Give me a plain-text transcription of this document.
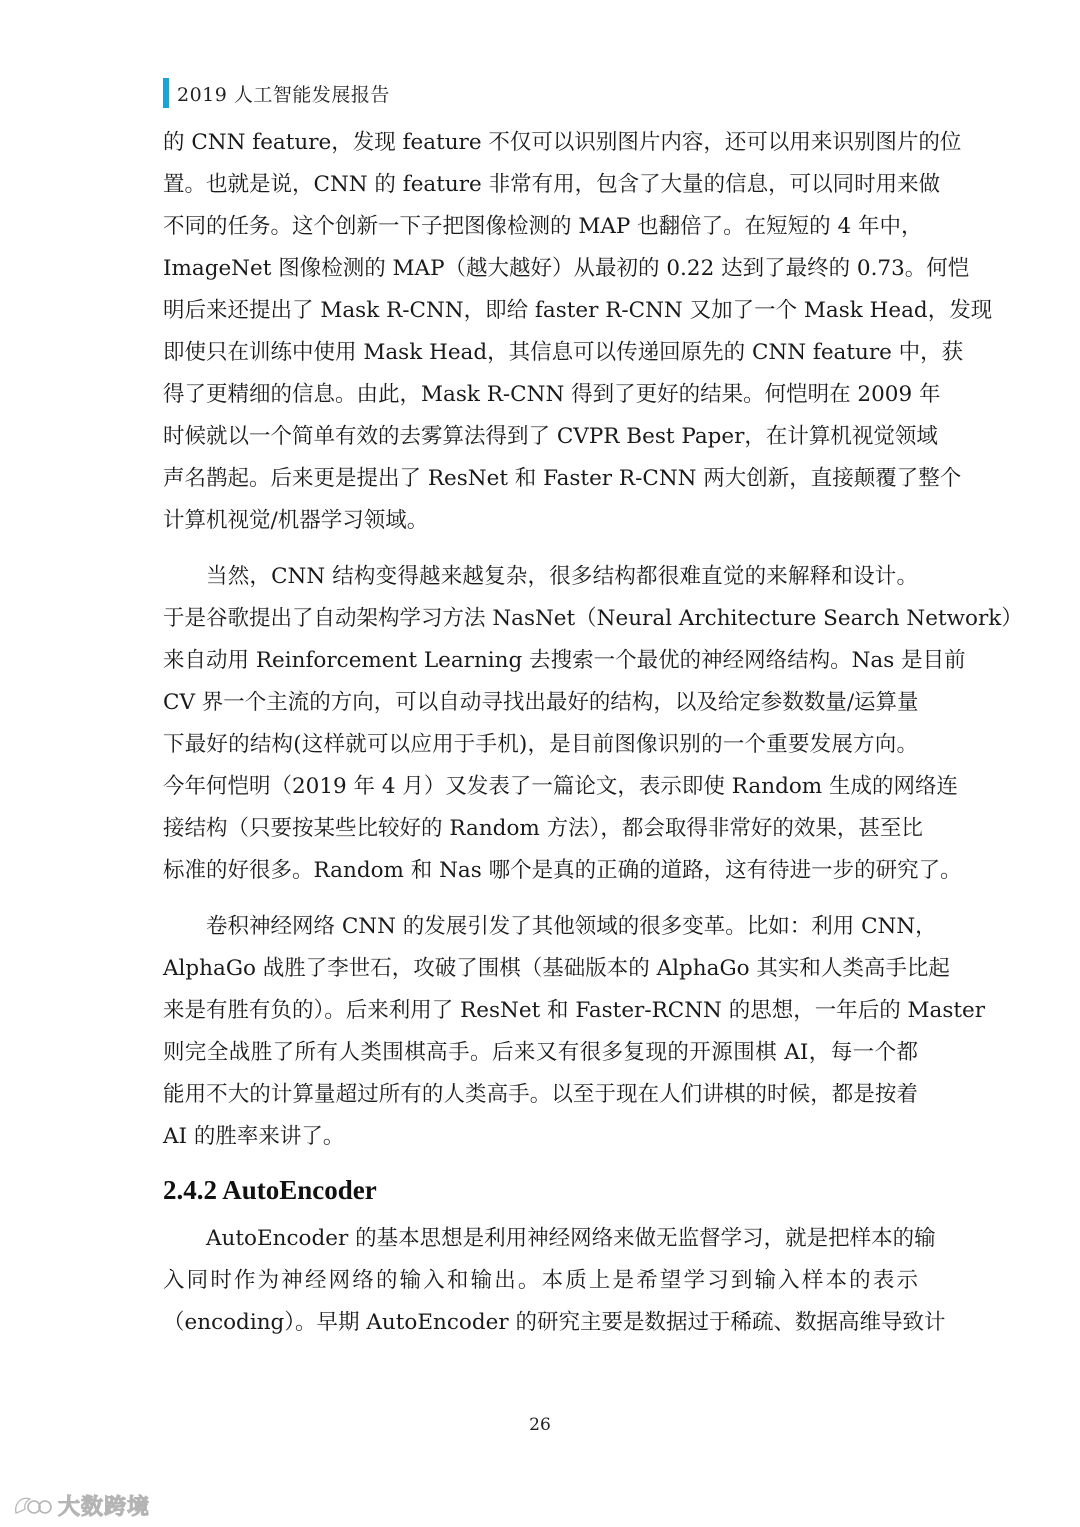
2019 人工智能发展报告
的 CNN feature，发现 feature 不仅可以识别图片内容，还可以用来识别图片的位
置。也就是说，CNN 的 feature 非常有用，包含了大量的信息，可以同时用来做
不同的任务。这个创新一下子把图像检测的 MAP 也翻倍了。在短短的 4 年中，
ImageNet 图像检测的 MAP（越大越好）从最初的 0.22 达到了最终的 0.73。何恺
明后来还提出了 Mask R-CNN，即给 faster R-CNN 又加了一个 Mask Head，发现
即使只在训练中使用 Mask Head，其信息可以传递回原先的 CNN feature 中，获
得了更精细的信息。由此，Mask R-CNN 得到了更好的结果。何恺明在 2009 年
时候就以一个简单有效的去雾算法得到了 CVPR Best Paper，在计算机视觉领域
声名鹊起。后来更是提出了 ResNet 和 Faster R-CNN 两大创新，直接颠覆了整个
计算机视觉/机器学习领域。
当然，CNN 结构变得越来越复杂，很多结构都很难直觉的来解释和设计。
于是谷歌提出了自动架构学习方法 NasNet（Neural Architecture Search Network）
来自动用 Reinforcement Learning 去搜索一个最优的神经网络结构。Nas 是目前
CV 界一个主流的方向，可以自动寻找出最好的结构，以及给定参数数量/运算量
下最好的结构(这样就可以应用于手机)，是目前图像识别的一个重要发展方向。
今年何恺明（2019 年 4 月）又发表了一篇论文，表示即使 Random 生成的网络连
接结构（只要按某些比较好的 Random 方法），都会取得非常好的效果，甚至比
标准的好很多。Random 和 Nas 哪个是真的正确的道路，这有待进一步的研究了。
卷积神经网络 CNN 的发展引发了其他领域的很多变革。比如：利用 CNN，
AlphaGo 战胜了李世石，攻破了围棋（基础版本的 AlphaGo 其实和人类高手比起
来是有胜有负的）。后来利用了 ResNet 和 Faster-RCNN 的思想，一年后的 Master
则完全战胜了所有人类围棋高手。后来又有很多复现的开源围棋 AI，每一个都
能用不大的计算量超过所有的人类高手。以至于现在人们讲棋的时候，都是按着
AI 的胜率来讲了。
2.4.2 AutoEncoder
AutoEncoder 的基本思想是利用神经网络来做无监督学习，就是把样本的输
入同时作为神经网络的输入和输出。本质上是希望学习到输入样本的表示
（encoding）。早期 AutoEncoder 的研究主要是数据过于稀疏、数据高维导致计
26
大数跨境
